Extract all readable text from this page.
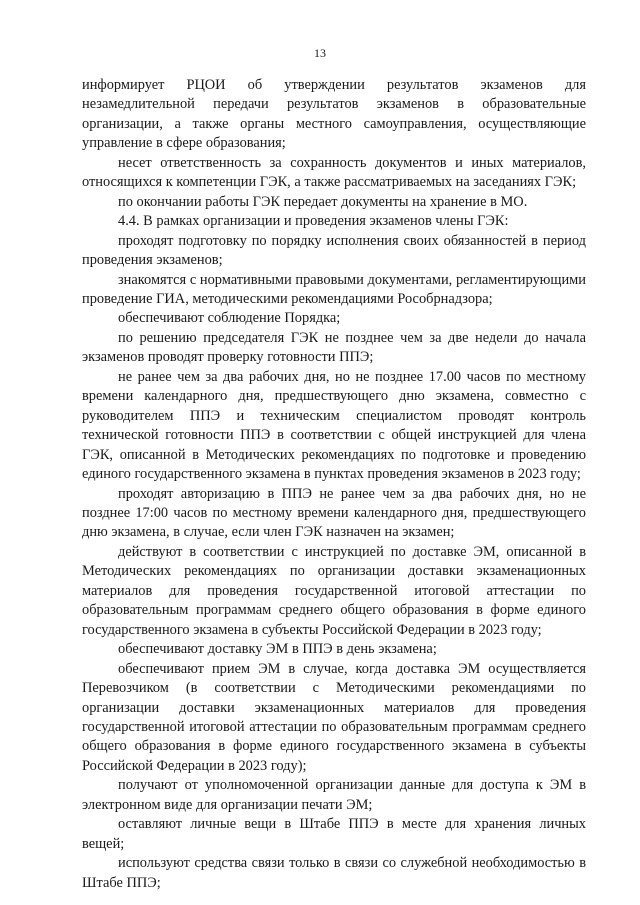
13

информирует РЦОИ об утверждении результатов экзаменов для незамедлительной передачи результатов экзаменов в образовательные организации, а также органы местного самоуправления, осуществляющие управление в сфере образования;

несет ответственность за сохранность документов и иных материалов, относящихся к компетенции ГЭК, а также рассматриваемых на заседаниях ГЭК;

по окончании работы ГЭК передает документы на хранение в МО.

4.4. В рамках организации и проведения экзаменов члены ГЭК:

проходят подготовку по порядку исполнения своих обязанностей в период проведения экзаменов;

знакомятся с нормативными правовыми документами, регламентирующими проведение ГИА, методическими рекомендациями Рособрнадзора;

обеспечивают соблюдение Порядка;

по решению председателя ГЭК не позднее чем за две недели до начала экзаменов проводят проверку готовности ППЭ;

не ранее чем за два рабочих дня, но не позднее 17.00 часов по местному времени календарного дня, предшествующего дню экзамена, совместно с руководителем ППЭ и техническим специалистом проводят контроль технической готовности ППЭ в соответствии с общей инструкцией для члена ГЭК, описанной в Методических рекомендациях по подготовке и проведению единого государственного экзамена в пунктах проведения экзаменов в 2023 году;

проходят авторизацию в ППЭ не ранее чем за два рабочих дня, но не позднее 17:00 часов по местному времени календарного дня, предшествующего дню экзамена, в случае, если член ГЭК назначен на экзамен;

действуют в соответствии с инструкцией по доставке ЭМ, описанной в Методических рекомендациях по организации доставки экзаменационных материалов для проведения государственной итоговой аттестации по образовательным программам среднего общего образования в форме единого государственного экзамена в субъекты Российской Федерации в 2023 году;

обеспечивают доставку ЭМ в ППЭ в день экзамена;

обеспечивают прием ЭМ в случае, когда доставка ЭМ осуществляется Перевозчиком (в соответствии с Методическими рекомендациями по организации доставки экзаменационных материалов для проведения государственной итоговой аттестации по образовательным программам среднего общего образования в форме единого государственного экзамена в субъекты Российской Федерации в 2023 году);

получают от уполномоченной организации данные для доступа к ЭМ в электронном виде для организации печати ЭМ;

оставляют личные вещи в Штабе ППЭ в месте для хранения личных вещей;

используют средства связи только в связи со служебной необходимостью в Штабе ППЭ;
